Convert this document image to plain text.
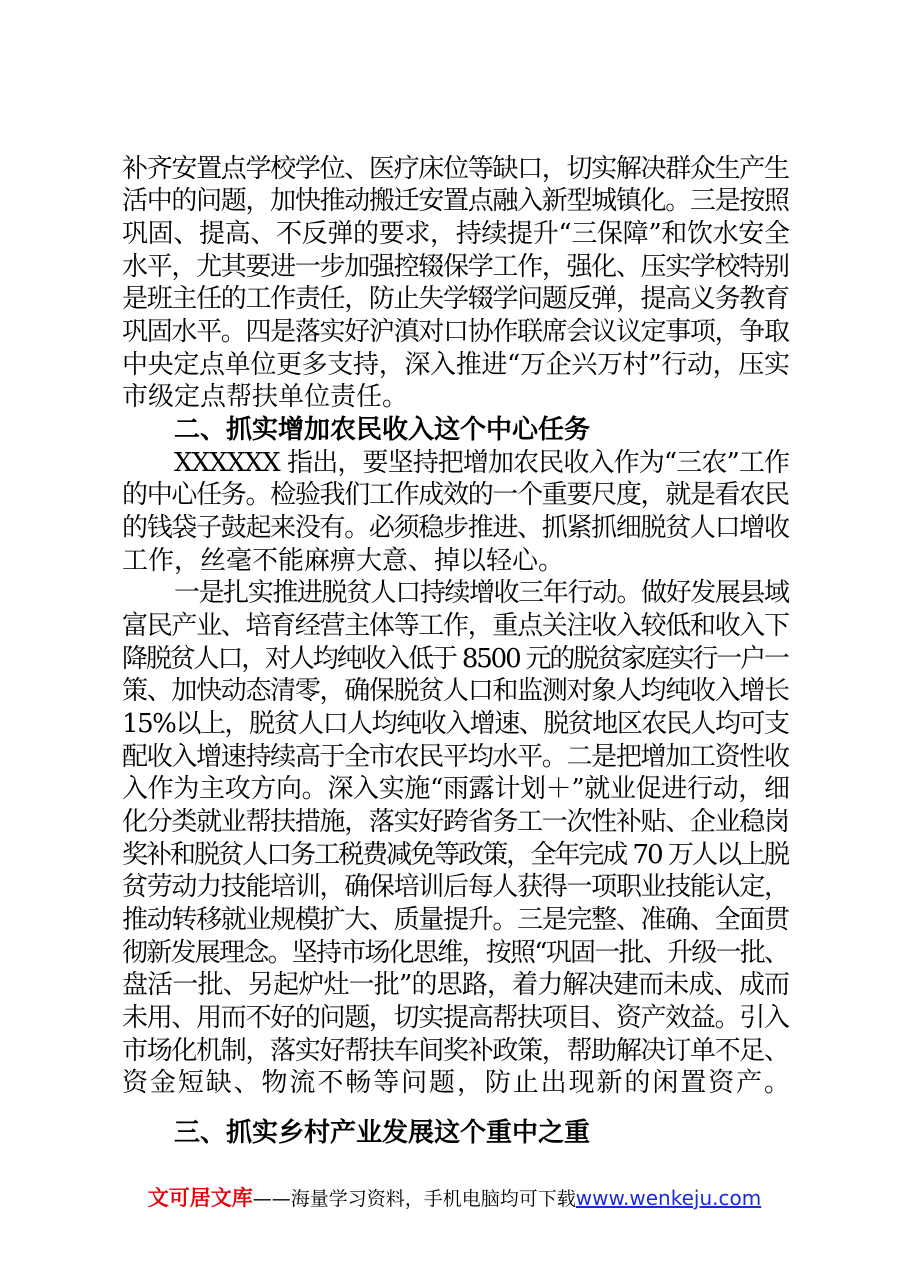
补齐安置点学校学位、医疗床位等缺口，切实解决群众生产生
活中的问题，加快推动搬迁安置点融入新型城镇化。三是按照
巩固、提高、不反弹的要求，持续提升“三保障”和饮水安全
水平，尤其要进一步加强控辍保学工作，强化、压实学校特别
是班主任的工作责任，防止失学辍学问题反弹，提高义务教育
巩固水平。四是落实好沪滇对口协作联席会议议定事项，争取
中央定点单位更多支持，深入推进“万企兴万村”行动，压实
市级定点帮扶单位责任。
二、抓实增加农民收入这个中心任务
XXXXXX 指出，要坚持把增加农民收入作为“三农”工作
的中心任务。检验我们工作成效的一个重要尺度，就是看农民
的钱袋子鼓起来没有。必须稳步推进、抓紧抓细脱贫人口增收
工作，丝毫不能麻痹大意、掉以轻心。
一是扎实推进脱贫人口持续增收三年行动。做好发展县域
富民产业、培育经营主体等工作，重点关注收入较低和收入下
降脱贫人口，对人均纯收入低于 8500 元的脱贫家庭实行一户一
策、加快动态清零，确保脱贫人口和监测对象人均纯收入增长
15%以上，脱贫人口人均纯收入增速、脱贫地区农民人均可支
配收入增速持续高于全市农民平均水平。二是把增加工资性收
入作为主攻方向。深入实施“雨露计划＋”就业促进行动，细
化分类就业帮扶措施，落实好跨省务工一次性补贴、企业稳岗
奖补和脱贫人口务工税费减免等政策，全年完成 70 万人以上脱
贫劳动力技能培训，确保培训后每人获得一项职业技能认定，
推动转移就业规模扩大、质量提升。三是完整、准确、全面贯
彻新发展理念。坚持市场化思维，按照“巩固一批、升级一批、
盘活一批、另起炉灶一批”的思路，着力解决建而未成、成而
未用、用而不好的问题，切实提高帮扶项目、资产效益。引入
市场化机制，落实好帮扶车间奖补政策，帮助解决订单不足、
资金短缺、物流不畅等问题，防止出现新的闲置资产。
三、抓实乡村产业发展这个重中之重
文可居文库——海量学习资料，手机电脑均可下载www.wenkeju.com
